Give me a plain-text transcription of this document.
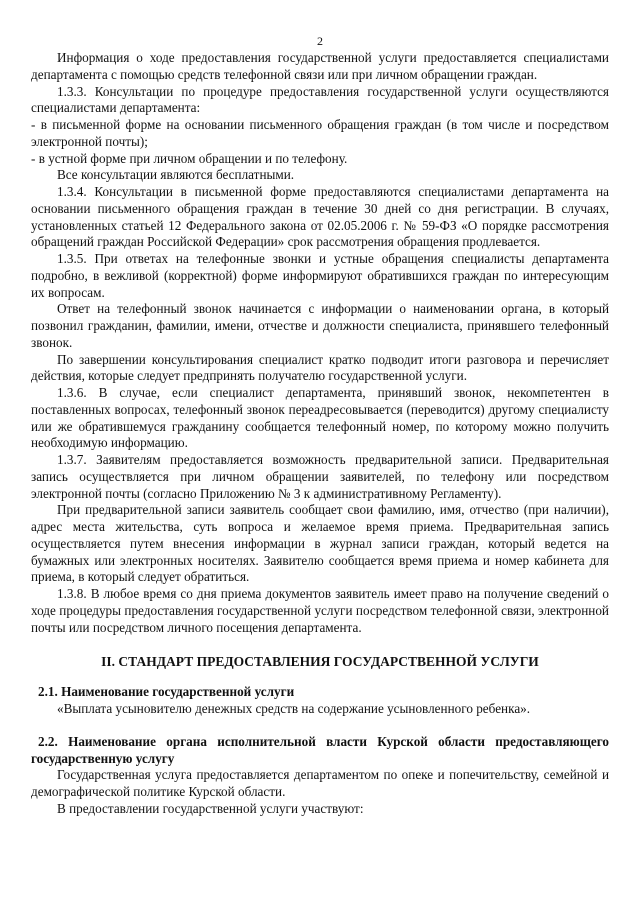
2

Информация о ходе предоставления государственной услуги предоставляется специалистами департамента с помощью средств телефонной связи или при личном обращении граждан.

1.3.3. Консультации по процедуре предоставления государственной услуги осуществляются специалистами департамента:

- в письменной форме на основании письменного обращения граждан (в том числе и посредством электронной почты);

- в устной форме при личном обращении и по телефону.

Все консультации являются бесплатными.

1.3.4. Консультации в письменной форме предоставляются специалистами департамента на основании письменного обращения граждан в течение 30 дней со дня регистрации. В случаях, установленных статьей 12 Федерального закона от 02.05.2006 г. № 59-ФЗ «О порядке рассмотрения обращений граждан Российской Федерации» срок рассмотрения обращения продлевается.

1.3.5. При ответах на телефонные звонки и устные обращения специалисты департамента подробно, в вежливой (корректной) форме информируют обратившихся граждан по интересующим их вопросам.

Ответ на телефонный звонок начинается с информации о наименовании органа, в который позвонил гражданин, фамилии, имени, отчестве и должности специалиста, принявшего телефонный звонок.

По завершении консультирования специалист кратко подводит итоги разговора и перечисляет действия, которые следует предпринять получателю государственной услуги.

1.3.6. В случае, если специалист департамента, принявший звонок, некомпетентен в поставленных вопросах, телефонный звонок переадресовывается (переводится) другому специалисту или же обратившемуся гражданину сообщается телефонный номер, по которому можно получить необходимую информацию.

1.3.7. Заявителям предоставляется возможность предварительной записи. Предварительная запись осуществляется при личном обращении заявителей, по телефону или посредством электронной почты (согласно Приложению № 3 к административному Регламенту).

При предварительной записи заявитель сообщает свои фамилию, имя, отчество (при наличии), адрес места жительства, суть вопроса и желаемое время приема. Предварительная запись осуществляется путем внесения информации в журнал записи граждан, который ведется на бумажных или электронных носителях. Заявителю сообщается время приема и номер кабинета для приема, в который следует обратиться.

1.3.8. В любое время со дня приема документов заявитель имеет право на получение сведений о ходе процедуры предоставления государственной услуги посредством телефонной связи, электронной почты или посредством личного посещения департамента.

II. СТАНДАРТ ПРЕДОСТАВЛЕНИЯ ГОСУДАРСТВЕННОЙ УСЛУГИ

2.1. Наименование государственной услуги

«Выплата усыновителю денежных средств на содержание усыновленного ребенка».

2.2. Наименование органа исполнительной власти Курской области предоставляющего государственную услугу

Государственная услуга предоставляется департаментом по опеке и попечительству, семейной и демографической политике Курской области.

В предоставлении государственной услуги участвуют:
